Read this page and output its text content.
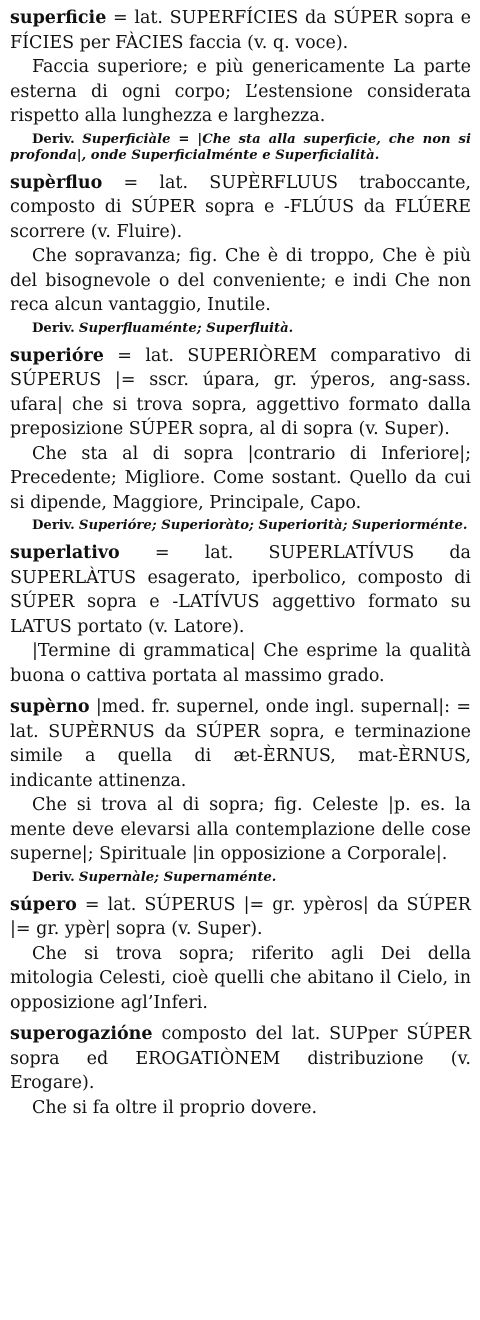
superficie = lat. SUPERFÍCIES da SÚPER sopra e FÍCIES per FÀCIES faccia (v. q. voce).

Faccia superiore; e più genericamente La parte esterna di ogni corpo; L’estensione considerata rispetto alla lunghezza e larghezza.

Deriv. Superficiàle = |Che sta alla superficie, che non si profonda|, onde Superficialménte e Superficialità.

supèrfluo = lat. SUPÈRFLUUS traboccante, composto di SÚPER sopra e -FLÚUS da FLÚERE scorrere (v. Fluire).

Che sopravanza; fig. Che è di troppo, Che è più del bisognevole o del conveniente; e indi Che non reca alcun vantaggio, Inutile.

Deriv. Superfluaménte; Superfluità.

superióre = lat. SUPERIÒREM comparativo di SÚPERUS |= sscr. úpara, gr. ýperos, ang-sass. ufara| che si trova sopra, aggettivo formato dalla preposizione SÚPER sopra, al di sopra (v. Super).

Che sta al di sopra |contrario di Inferiore|; Precedente; Migliore. Come sostant. Quello da cui si dipende, Maggiore, Principale, Capo.

Deriv. Superióre; Superioràto; Superiorità; Superiorménte.

superlativo = lat. SUPERLATÍVUS da SUPERLÀTUS esagerato, iperbolico, composto di SÚPER sopra e -LATÍVUS aggettivo formato su LATUS portato (v. Latore).

|Termine di grammatica| Che esprime la qualità buona o cattiva portata al massimo grado.

supèrno |med. fr. supernel, onde ingl. supernal|: = lat. SUPÈRNUS da SÚPER sopra, e terminazione simile a quella di æt-ÈRNUS, mat-ÈRNUS, indicante attinenza.

Che si trova al di sopra; fig. Celeste |p. es. la mente deve elevarsi alla contemplazione delle cose superne|; Spirituale |in opposizione a Corporale|.

Deriv. Supernàle; Supernaménte.

súpero = lat. SÚPERUS |= gr. ypèros| da SÚPER |= gr. ypèr| sopra (v. Super).

Che si trova sopra; riferito agli Dei della mitologia Celesti, cioè quelli che abitano il Cielo, in opposizione agl’Inferi.

superogazióne composto del lat. SUPper SÚPER sopra ed EROGATIÒNEM distribuzione (v. Erogare).

Che si fa oltre il proprio dovere.
